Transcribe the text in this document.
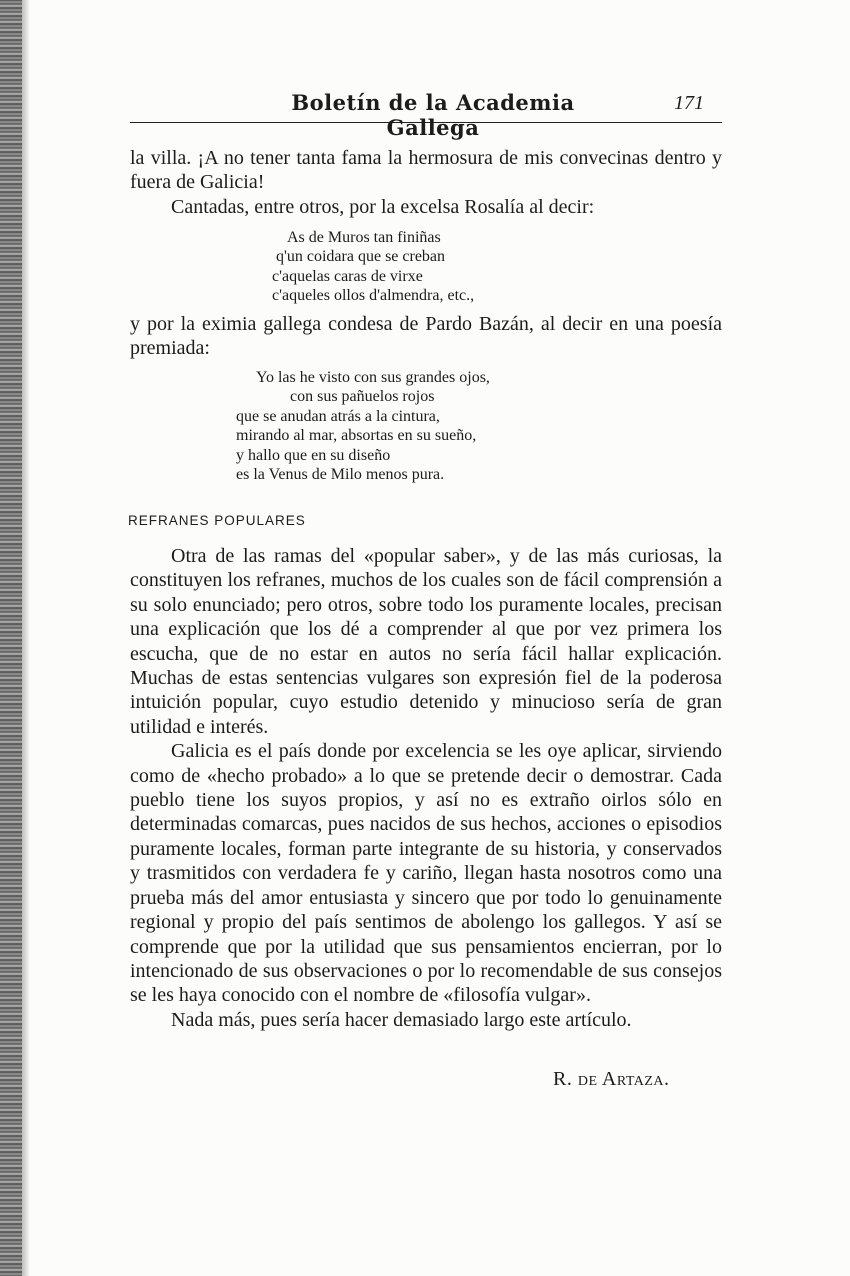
Boletín de la Academia Gallega
171

la villa. ¡A no tener tanta fama la hermosura de mis convecinas dentro y fuera de Galicia!

Cantadas, entre otros, por la excelsa Rosalía al decir:

As de Muros tan finiñas
q'un coidara que se creban
c'aquelas caras de virxe
c'aqueles ollos d'almendra, etc.,

y por la eximia gallega condesa de Pardo Bazán, al decir en una poesía premiada:

Yo las he visto con sus grandes ojos,
con sus pañuelos rojos
que se anudan atrás a la cintura,
mirando al mar, absortas en su sueño,
y hallo que en su diseño
es la Venus de Milo menos pura.
REFRANES POPULARES

Otra de las ramas del «popular saber», y de las más curiosas, la constituyen los refranes, muchos de los cuales son de fácil comprensión a su solo enunciado; pero otros, sobre todo los puramente locales, precisan una explicación que los dé a comprender al que por vez primera los escucha, que de no estar en autos no sería fácil hallar explicación. Muchas de estas sentencias vulgares son expresión fiel de la poderosa intuición popular, cuyo estudio detenido y minucioso sería de gran utilidad e interés.

Galicia es el país donde por excelencia se les oye aplicar, sirviendo como de «hecho probado» a lo que se pretende decir o demostrar. Cada pueblo tiene los suyos propios, y así no es extraño oirlos sólo en determinadas comarcas, pues nacidos de sus hechos, acciones o episodios puramente locales, forman parte integrante de su historia, y conservados y trasmitidos con verdadera fe y cariño, llegan hasta nosotros como una prueba más del amor entusiasta y sincero que por todo lo genuinamente regional y propio del país sentimos de abolengo los gallegos. Y así se comprende que por la utilidad que sus pensamientos encierran, por lo intencionado de sus observaciones o por lo recomendable de sus consejos se les haya conocido con el nombre de «filosofía vulgar».

Nada más, pues sería hacer demasiado largo este artículo.

R. de Artaza.
